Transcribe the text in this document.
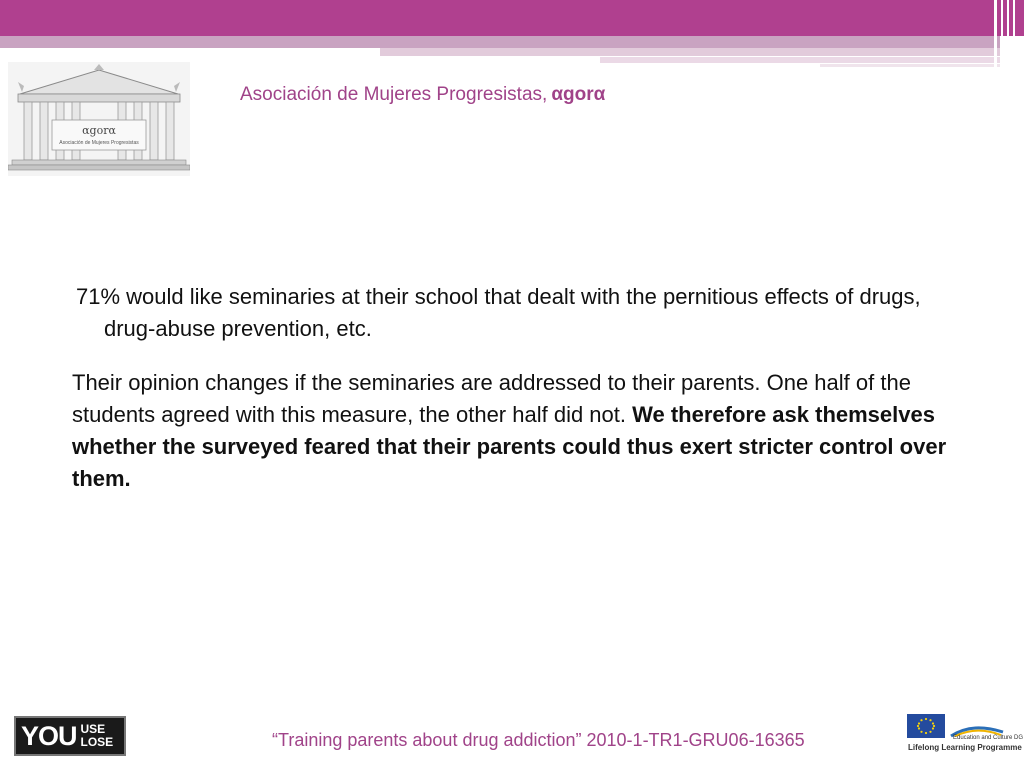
αgorα
Asociación de Mujeres Progresistas
Asociación de Mujeres Progresistas, αgorα
71% would like seminaries at their school that dealt with the pernitious effects of drugs, drug-abuse prevention, etc.
Their opinion changes if the seminaries are addressed to their parents. One half of the students agreed with this measure, the other half did not. We therefore ask themselves whether the surveyed feared that their parents could thus exert stricter control over them.
YOU USE
LOSE	“Training parents about drug addiction” 2010-1-TR1-GRU06-16365	Education and Culture DG
Lifelong Learning Programme
